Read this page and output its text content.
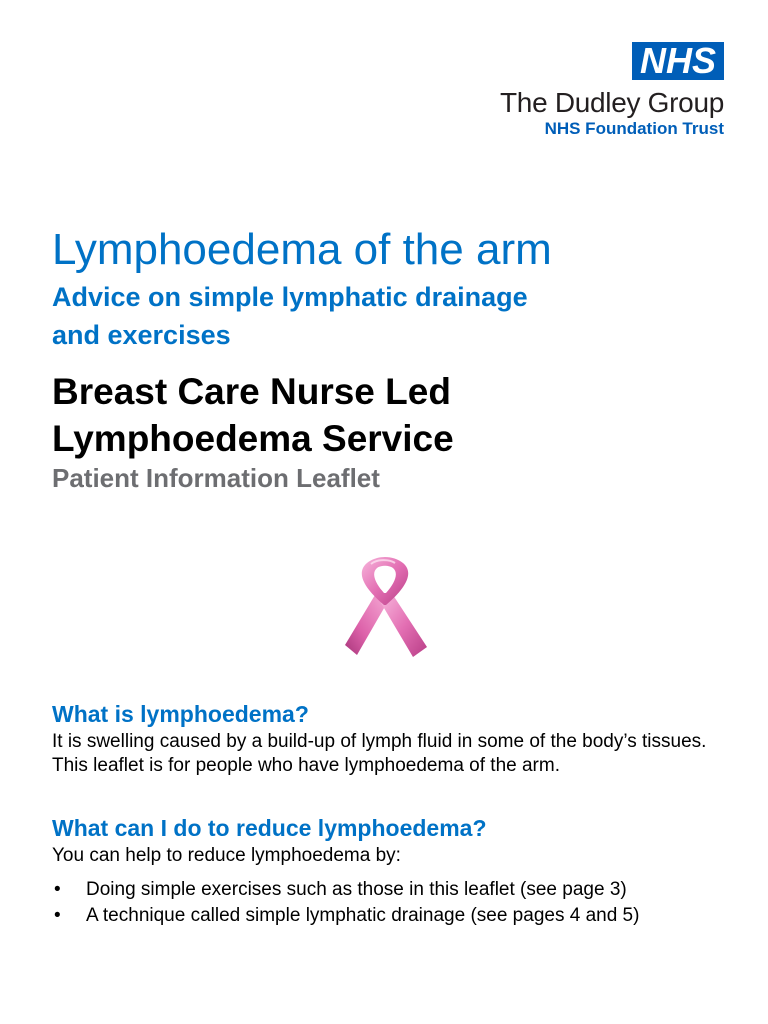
NHS
The Dudley Group
NHS Foundation Trust
Lymphoedema of the arm
Advice on simple lymphatic drainage
and exercises
Breast Care Nurse Led
Lymphoedema Service
Patient Information Leaflet
What is lymphoedema?

It is swelling caused by a build-up of lymph fluid in some of the body’s tissues. This leaflet is for people who have lymphoedema of the arm.

What can I do to reduce lymphoedema?

You can help to reduce lymphoedema by:

• Doing simple exercises such as those in this leaflet (see page 3)
• A technique called simple lymphatic drainage (see pages 4 and 5)
